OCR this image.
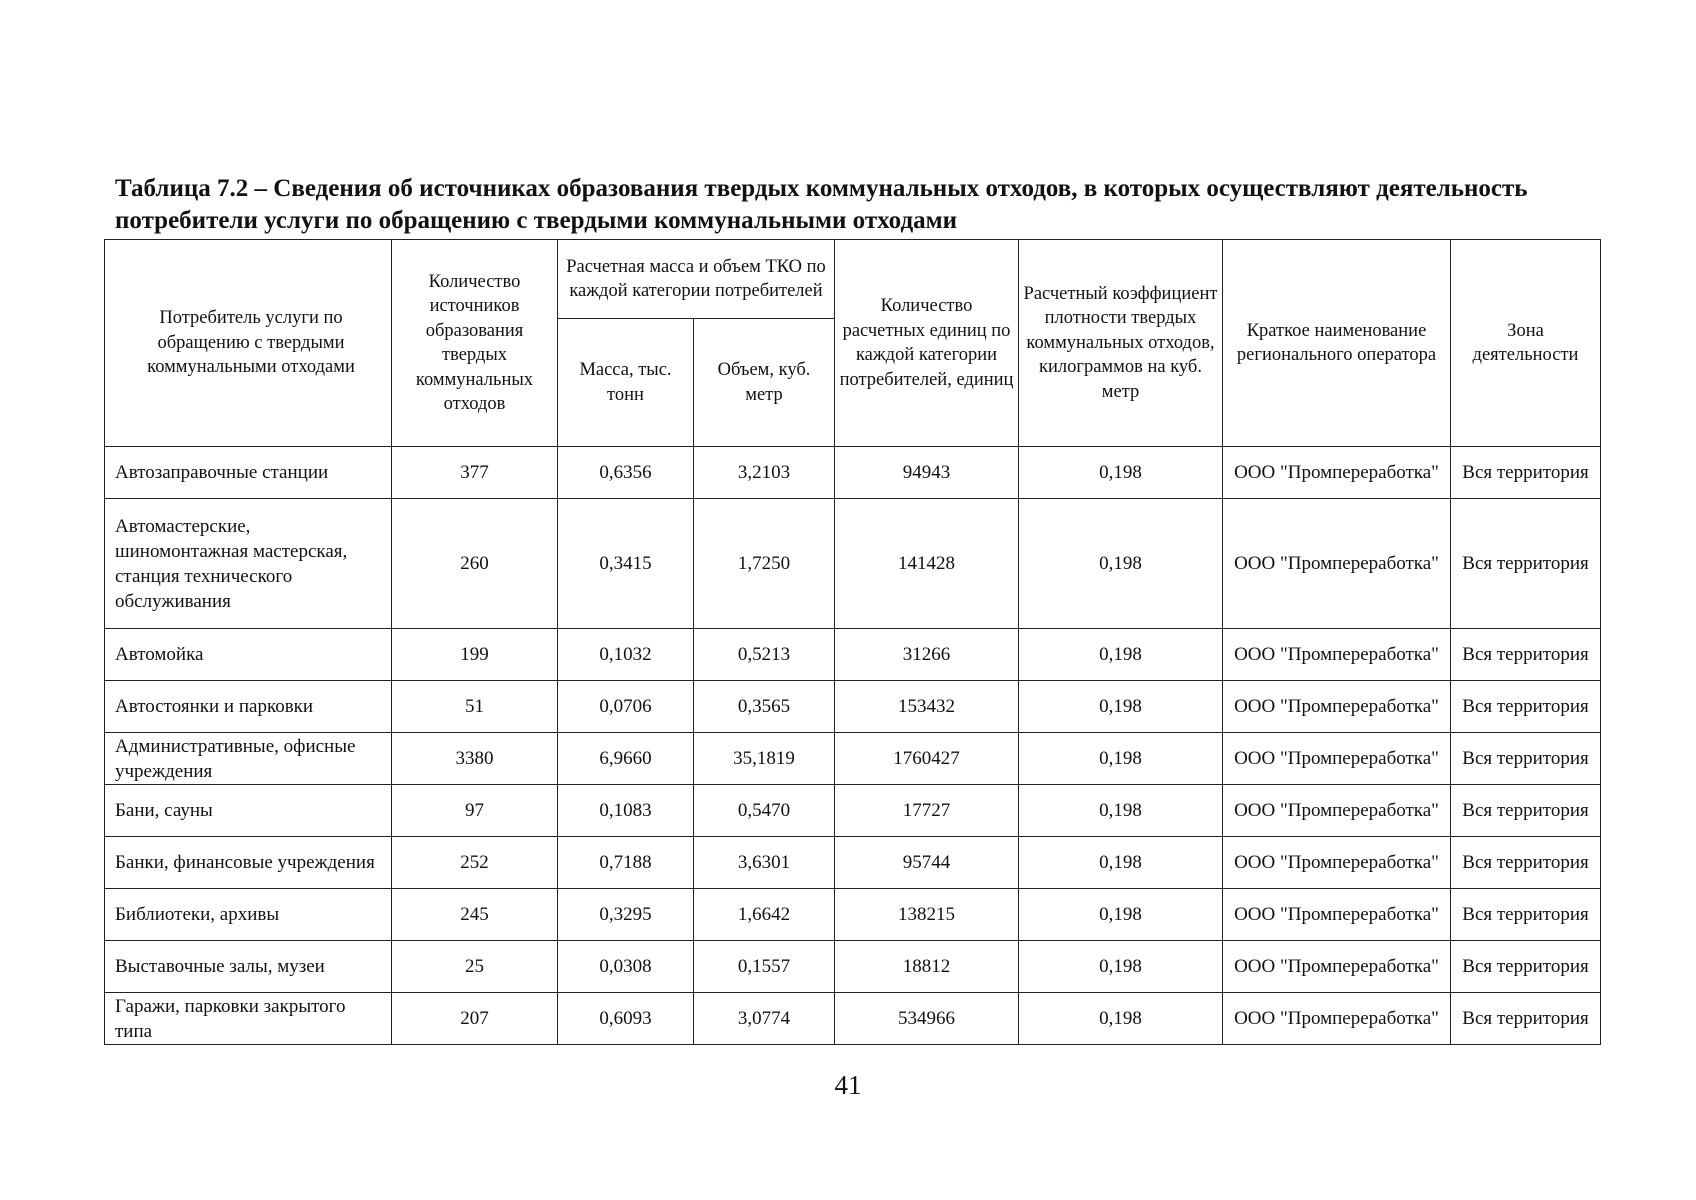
Таблица 7.2 – Сведения об источниках образования твердых коммунальных отходов, в которых осуществляют деятельность потребители услуги по обращению с твердыми коммунальными отходами
Потребитель услуги по обращению с твердыми коммунальными отходами	Количество источников образования твердых коммунальных отходов	Расчетная масса и объем ТКО по каждой категории потребителей		Количество расчетных единиц по каждой категории потребителей, единиц	Расчетный коэффициент плотности твердых коммунальных отходов, килограммов на куб. метр	Краткое наименование регионального оператора	Зона деятельности
		Масса, тыс. тонн	Объем, куб. метр				
Автозаправочные станции	377	0,6356	3,2103	94943	0,198	ООО "Промпереработка"	Вся территория
Автомастерские, шиномонтажная мастерская, станция технического обслуживания	260	0,3415	1,7250	141428	0,198	ООО "Промпереработка"	Вся территория
Автомойка	199	0,1032	0,5213	31266	0,198	ООО "Промпереработка"	Вся территория
Автостоянки и парковки	51	0,0706	0,3565	153432	0,198	ООО "Промпереработка"	Вся территория
Административные, офисные учреждения	3380	6,9660	35,1819	1760427	0,198	ООО "Промпереработка"	Вся территория
Бани, сауны	97	0,1083	0,5470	17727	0,198	ООО "Промпереработка"	Вся территория
Банки, финансовые учреждения	252	0,7188	3,6301	95744	0,198	ООО "Промпереработка"	Вся территория
Библиотеки, архивы	245	0,3295	1,6642	138215	0,198	ООО "Промпереработка"	Вся территория
Выставочные залы, музеи	25	0,0308	0,1557	18812	0,198	ООО "Промпереработка"	Вся территория
Гаражи, парковки закрытого типа	207	0,6093	3,0774	534966	0,198	ООО "Промпереработка"	Вся территория
41
